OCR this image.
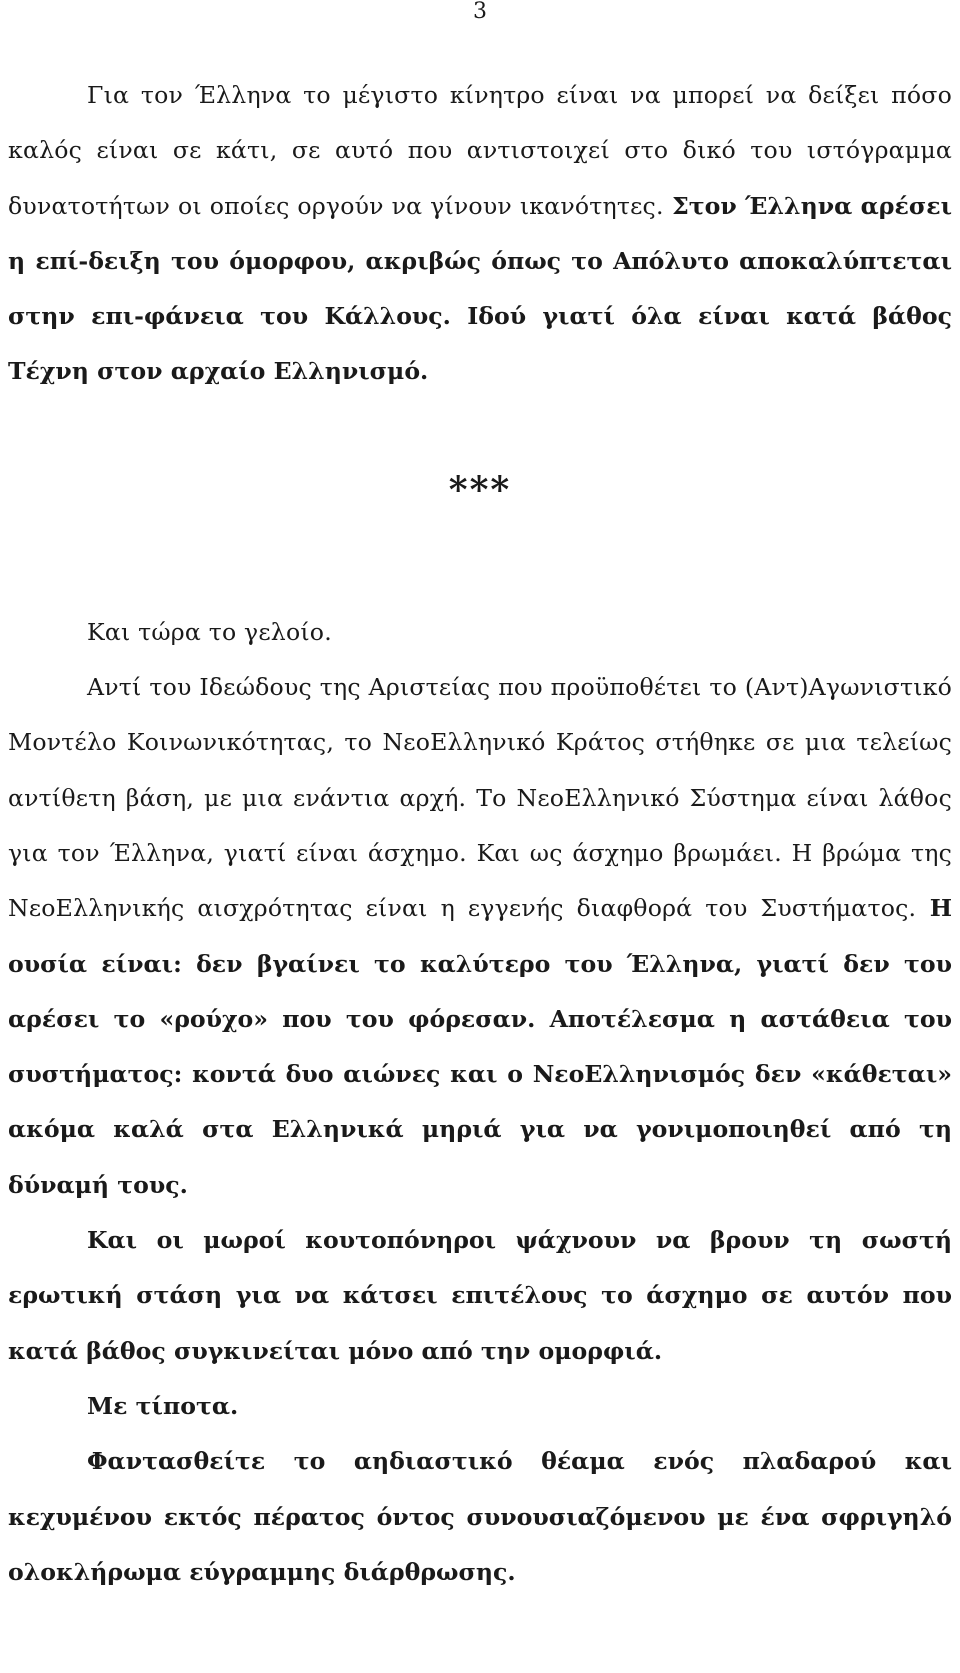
3

Για τον Έλληνα το μέγιστο κίνητρο είναι να μπορεί να δείξει πόσο καλός είναι σε κάτι, σε αυτό που αντιστοιχεί στο δικό του ιστόγραμμα δυνατοτήτων οι οποίες οργούν να γίνουν ικανότητες. Στον Έλληνα αρέσει η επί-δειξη του όμορφου, ακριβώς όπως το Απόλυτο αποκαλύπτεται στην επι-φάνεια του Κάλλους. Ιδού γιατί όλα είναι κατά βάθος Τέχνη στον αρχαίο Ελληνισμό.

***

Και τώρα το γελοίο.

Αντί του Ιδεώδους της Αριστείας που προϋποθέτει το (Αντ)Αγωνιστικό Μοντέλο Κοινωνικότητας, το ΝεοΕλληνικό Κράτος στήθηκε σε μια τελείως αντίθετη βάση, με μια ενάντια αρχή. Το ΝεοΕλληνικό Σύστημα είναι λάθος για τον Έλληνα, γιατί είναι άσχημο. Και ως άσχημο βρωμάει. Η βρώμα της ΝεοΕλληνικής αισχρότητας είναι η εγγενής διαφθορά του Συστήματος. Η ουσία είναι: δεν βγαίνει το καλύτερο του Έλληνα, γιατί δεν του αρέσει το «ρούχο» που του φόρεσαν. Αποτέλεσμα η αστάθεια του συστήματος: κοντά δυο αιώνες και ο ΝεοΕλληνισμός δεν «κάθεται» ακόμα καλά στα Ελληνικά μηριά για να γονιμοποιηθεί από τη δύναμή τους.

Και οι μωροί κουτοπόνηροι ψάχνουν να βρουν τη σωστή ερωτική στάση για να κάτσει επιτέλους το άσχημο σε αυτόν που κατά βάθος συγκινείται μόνο από την ομορφιά.

Με τίποτα.

Φαντασθείτε το αηδιαστικό θέαμα ενός πλαδαρού και κεχυμένου εκτός πέρατος όντος συνουσιαζόμενου με ένα σφριγηλό ολοκλήρωμα εύγραμμης διάρθρωσης.
